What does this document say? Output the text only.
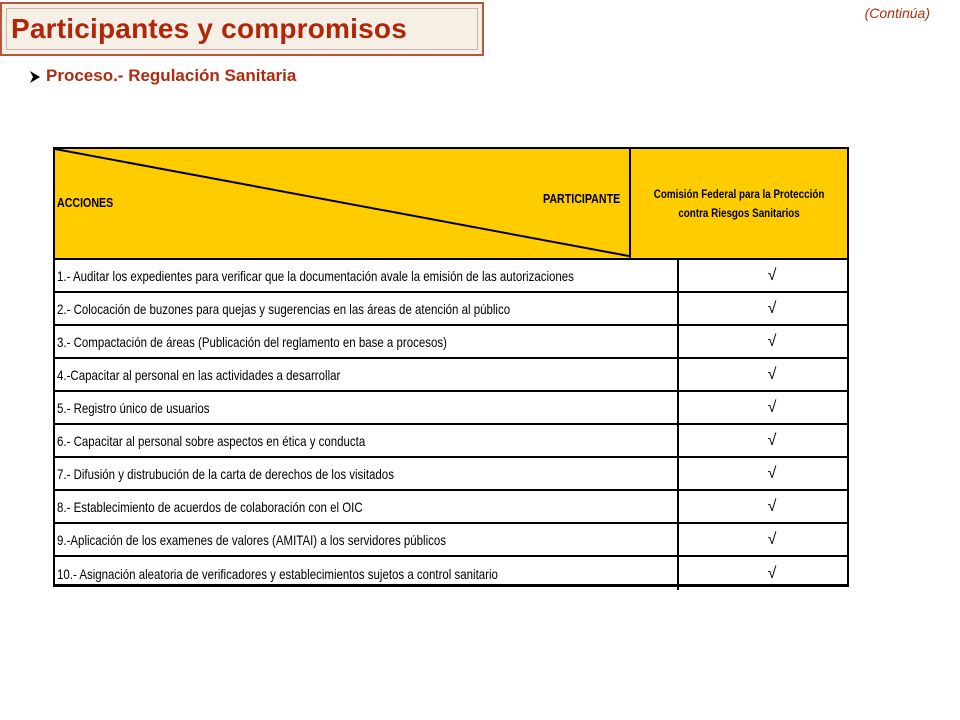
(Continúa)
Participantes y compromisos
Proceso.- Regulación Sanitaria
ACCIONES	PARTICIPANTE	Comisión Federal para la Protección
contra Riesgos Sanitarios
1.- Auditar los expedientes para verificar que la documentación avale la emisión de las autorizaciones	√
2.- Colocación de buzones para quejas y sugerencias en las áreas de atención al público	√
3.- Compactación de áreas (Publicación del reglamento en base a procesos)	√
4.-Capacitar al personal en las actividades a desarrollar	√
5.- Registro único de usuarios	√
6.- Capacitar al personal sobre aspectos en ética y conducta	√
7.- Difusión y distrubución de la carta de derechos de los visitados	√
8.- Establecimiento de acuerdos de colaboración con el OIC	√
9.-Aplicación de los examenes de valores (AMITAI) a los servidores públicos	√
10.- Asignación aleatoria de verificadores y establecimientos sujetos a control sanitario	√
